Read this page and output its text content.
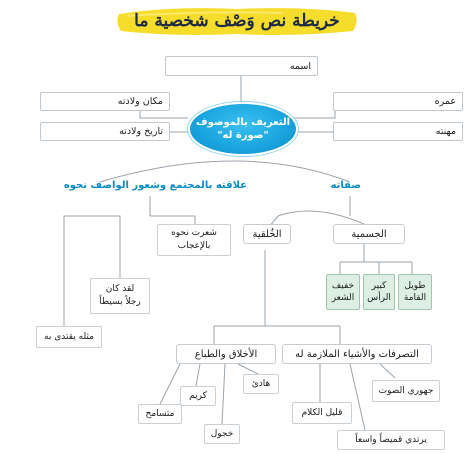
خريطة نص وَصْف شخصية ما
اسمه
مكان ولادته
تاريخ ولادته
عمره
مهنته
التعريف بالموصوف
"صورة له"
صفاته
علاقته بالمجتمع وشعور الواصف نحوه
شعرت نحوه
بالإعجاب
لقد كان
رجلاً بسيطاً
مثله يقتدى به
الجسمية
الخُلقية
طويل
القامة
كبير
الرأس
خفيف
الشعر
التصرفات والأشياء الملازمة له
الأخلاق والطباع
جهوري الصوت
قليل الكلام
يرتدي قميصاً واسعاً
هادئ
كريم
متسامح
خجول
